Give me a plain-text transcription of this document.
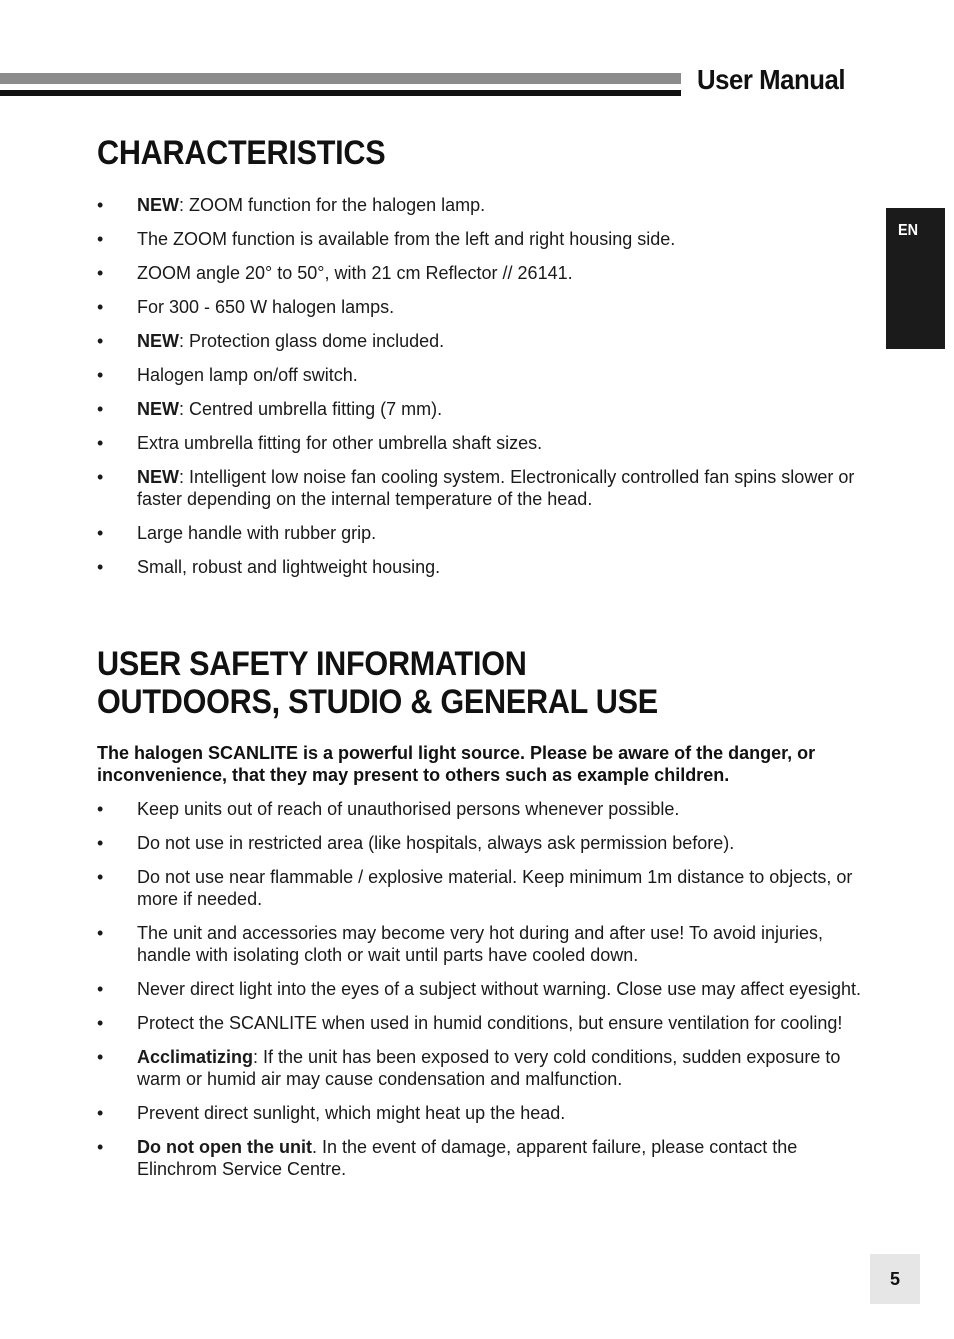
User Manual
EN
CHARACTERISTICS
• NEW: ZOOM function for the halogen lamp.
• The ZOOM function is available from the left and right housing side.
• ZOOM angle 20° to 50°, with 21 cm Reflector // 26141.
• For 300 - 650 W halogen lamps.
• NEW: Protection glass dome included.
• Halogen lamp on/off switch.
• NEW: Centred umbrella fitting (7 mm).
• Extra umbrella fitting for other umbrella shaft sizes.
• NEW: Intelligent low noise fan cooling system. Electronically controlled fan spins slower or faster depending on the internal temperature of the head.
• Large handle with rubber grip.
• Small, robust and lightweight housing.
USER SAFETY INFORMATION
OUTDOORS, STUDIO & GENERAL USE

The halogen SCANLITE is a powerful light source. Please be aware of the danger, or inconvenience, that they may present to others such as example children.

• Keep units out of reach of unauthorised persons whenever possible.
• Do not use in restricted area (like hospitals, always ask permission before).
• Do not use near flammable / explosive material. Keep minimum 1m distance to objects, or more if needed.
• The unit and accessories may become very hot during and after use! To avoid injuries, handle with isolating cloth or wait until parts have cooled down.
• Never direct light into the eyes of a subject without warning. Close use may affect eyesight.
• Protect the SCANLITE when used in humid conditions, but ensure ventilation for cooling!
• Acclimatizing: If the unit has been exposed to very cold conditions, sudden exposure to warm or humid air may cause condensation and malfunction.
• Prevent direct sunlight, which might heat up the head.
• Do not open the unit. In the event of damage, apparent failure, please contact the Elinchrom Service Centre.
5
